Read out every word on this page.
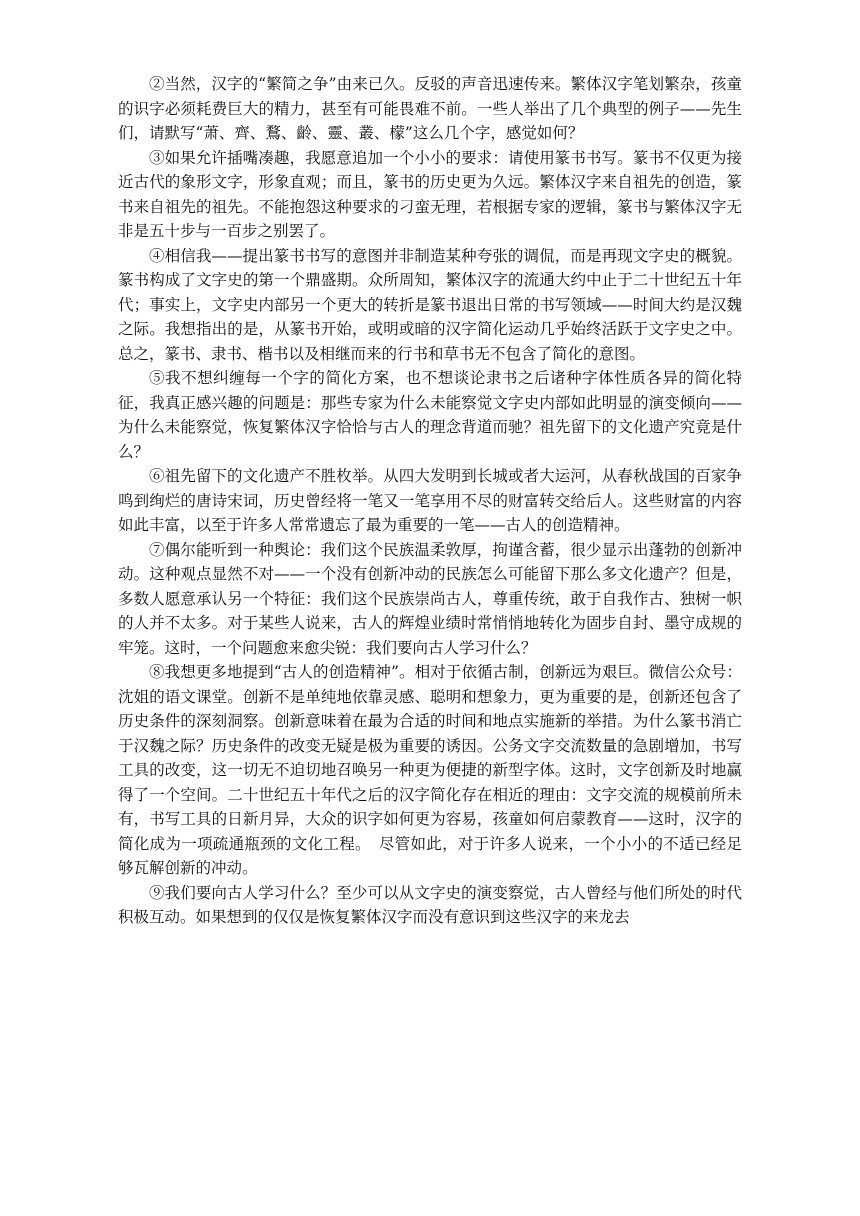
②当然，汉字的“繁简之争”由来已久。反驳的声音迅速传来。繁体汉字笔划繁杂，孩童的识字必须耗费巨大的精力，甚至有可能畏难不前。一些人举出了几个典型的例子——先生们，请默写“萧、齊、鶩、齡、靈、叢、檬”这么几个字，感觉如何？

③如果允许插嘴凑趣，我愿意追加一个小小的要求：请使用篆书书写。篆书不仅更为接近古代的象形文字，形象直观；而且，篆书的历史更为久远。繁体汉字来自祖先的创造，篆书来自祖先的祖先。不能抱怨这种要求的刁蛮无理，若根据专家的逻辑，篆书与繁体汉字无非是五十步与一百步之别罢了。

④相信我——提出篆书书写的意图并非制造某种夸张的调侃，而是再现文字史的概貌。篆书构成了文字史的第一个鼎盛期。众所周知，繁体汉字的流通大约中止于二十世纪五十年代；事实上，文字史内部另一个更大的转折是篆书退出日常的书写领域——时间大约是汉魏之际。我想指出的是，从篆书开始，或明或暗的汉字简化运动几乎始终活跃于文字史之中。总之，篆书、隶书、楷书以及相继而来的行书和草书无不包含了简化的意图。

⑤我不想纠缠每一个字的简化方案，也不想谈论隶书之后诸种字体性质各异的简化特征，我真正感兴趣的问题是：那些专家为什么未能察觉文字史内部如此明显的演变倾向——为什么未能察觉，恢复繁体汉字恰恰与古人的理念背道而驰？祖先留下的文化遗产究竟是什么？

⑥祖先留下的文化遗产不胜枚举。从四大发明到长城或者大运河，从春秋战国的百家争鸣到绚烂的唐诗宋词，历史曾经将一笔又一笔享用不尽的财富转交给后人。这些财富的内容如此丰富，以至于许多人常常遗忘了最为重要的一笔——古人的创造精神。

⑦偶尔能听到一种舆论：我们这个民族温柔敦厚，拘谨含蓄，很少显示出蓬勃的创新冲动。这种观点显然不对——一个没有创新冲动的民族怎么可能留下那么多文化遗产？但是，多数人愿意承认另一个特征：我们这个民族崇尚古人，尊重传统，敢于自我作古、独树一帜的人并不太多。对于某些人说来，古人的辉煌业绩时常悄悄地转化为固步自封、墨守成规的牢笼。这时，一个问题愈来愈尖锐：我们要向古人学习什么？

⑧我想更多地提到“古人的创造精神”。相对于依循古制，创新远为艰巨。微信公众号：沈姐的语文课堂。创新不是单纯地依靠灵感、聪明和想象力，更为重要的是，创新还包含了历史条件的深刻洞察。创新意味着在最为合适的时间和地点实施新的举措。为什么篆书消亡于汉魏之际？历史条件的改变无疑是极为重要的诱因。公务文字交流数量的急剧增加，书写工具的改变，这一切无不迫切地召唤另一种更为便捷的新型字体。这时，文字创新及时地赢得了一个空间。二十世纪五十年代之后的汉字简化存在相近的理由：文字交流的规模前所未有，书写工具的日新月异，大众的识字如何更为容易，孩童如何启蒙教育——这时，汉字的简化成为一项疏通瓶颈的文化工程。　尽管如此，对于许多人说来，一个小小的不适已经足够瓦解创新的冲动。

⑨我们要向古人学习什么？至少可以从文字史的演变察觉，古人曾经与他们所处的时代积极互动。如果想到的仅仅是恢复繁体汉字而没有意识到这些汉字的来龙去
